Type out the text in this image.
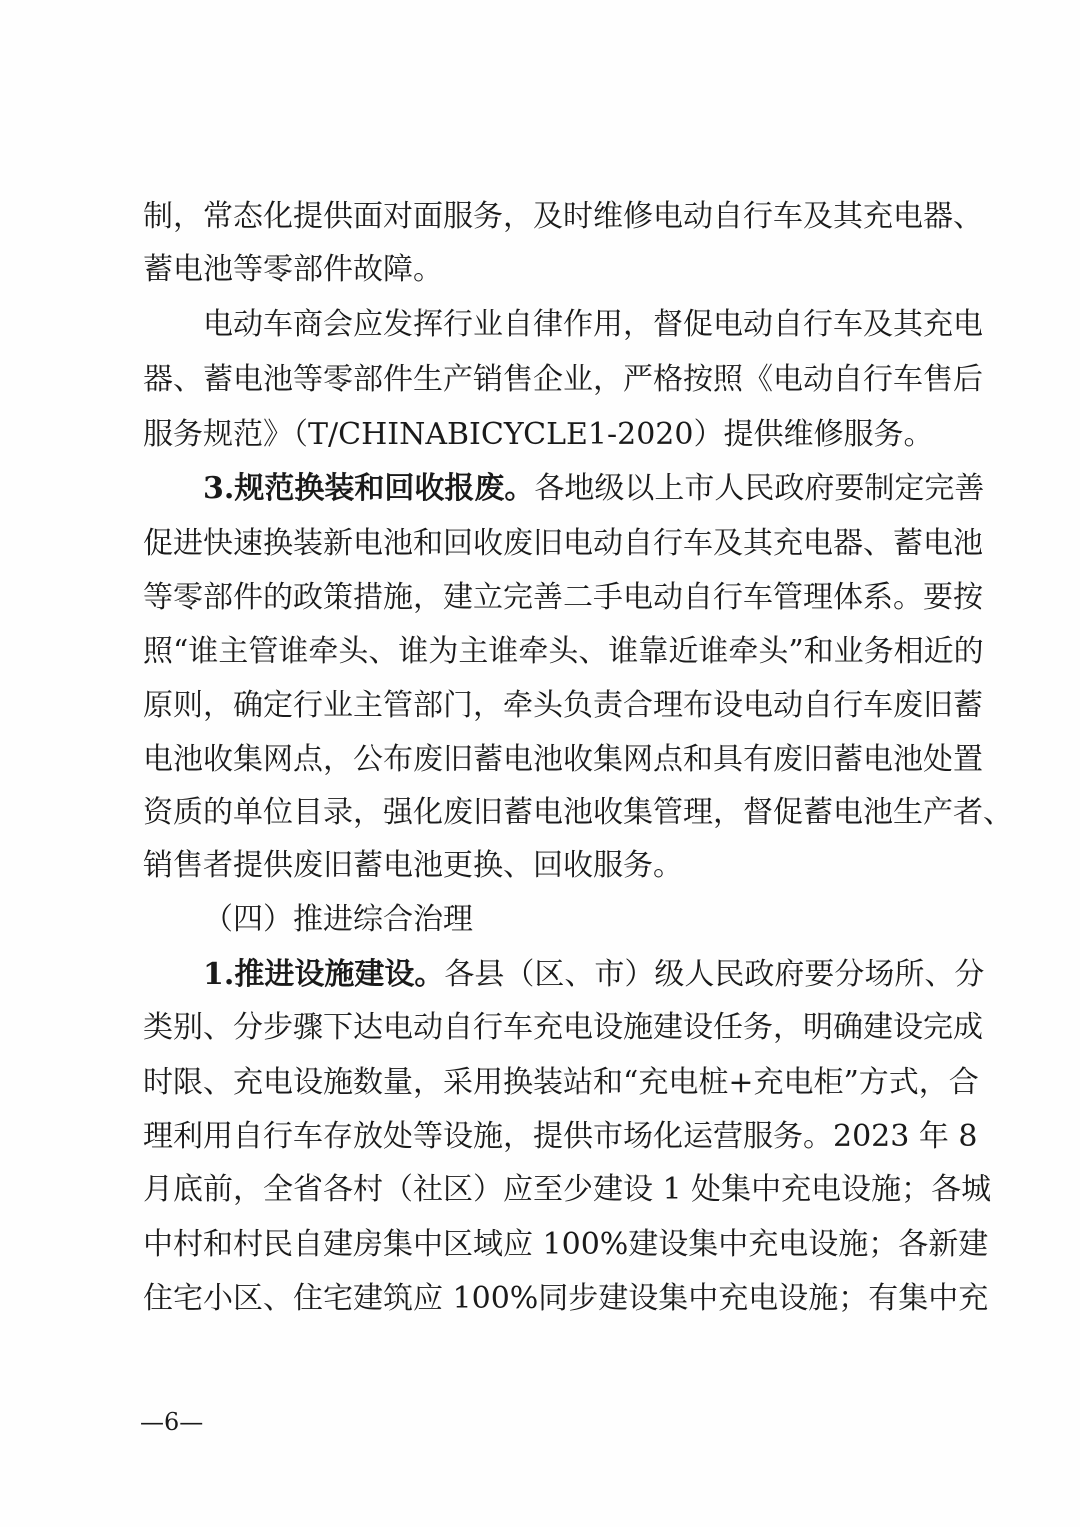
制，常态化提供面对面服务，及时维修电动自行车及其充电器、
蓄电池等零部件故障。
电动车商会应发挥行业自律作用，督促电动自行车及其充电
器、蓄电池等零部件生产销售企业，严格按照《电动自行车售后
服务规范》（T/CHINABICYCLE1-2020）提供维修服务。
3.规范换装和回收报废。 各地级以上市人民政府要制定完善
促进快速换装新电池和回收废旧电动自行车及其充电器、蓄电池
等零部件的政策措施，建立完善二手电动自行车管理体系。要按
照“谁主管谁牵头、谁为主谁牵头、谁靠近谁牵头”和业务相近的
原则，确定行业主管部门，牵头负责合理布设电动自行车废旧蓄
电池收集网点，公布废旧蓄电池收集网点和具有废旧蓄电池处置
资质的单位目录，强化废旧蓄电池收集管理，督促蓄电池生产者、
销售者提供废旧蓄电池更换、回收服务。
（四）推进综合治理
1.推进设施建设。 各县（区、市）级人民政府要分场所、分
类别、分步骤下达电动自行车充电设施建设任务，明确建设完成
时限、充电设施数量，采用换装站和“充电桩+充电柜”方式，合
理利用自行车存放处等设施，提供市场化运营服务。2023 年 8
月底前，全省各村（社区）应至少建设 1 处集中充电设施；各城
中村和村民自建房集中区域应 100%建设集中充电设施；各新建
住宅小区、住宅建筑应 100%同步建设集中充电设施；有集中充
—6—
